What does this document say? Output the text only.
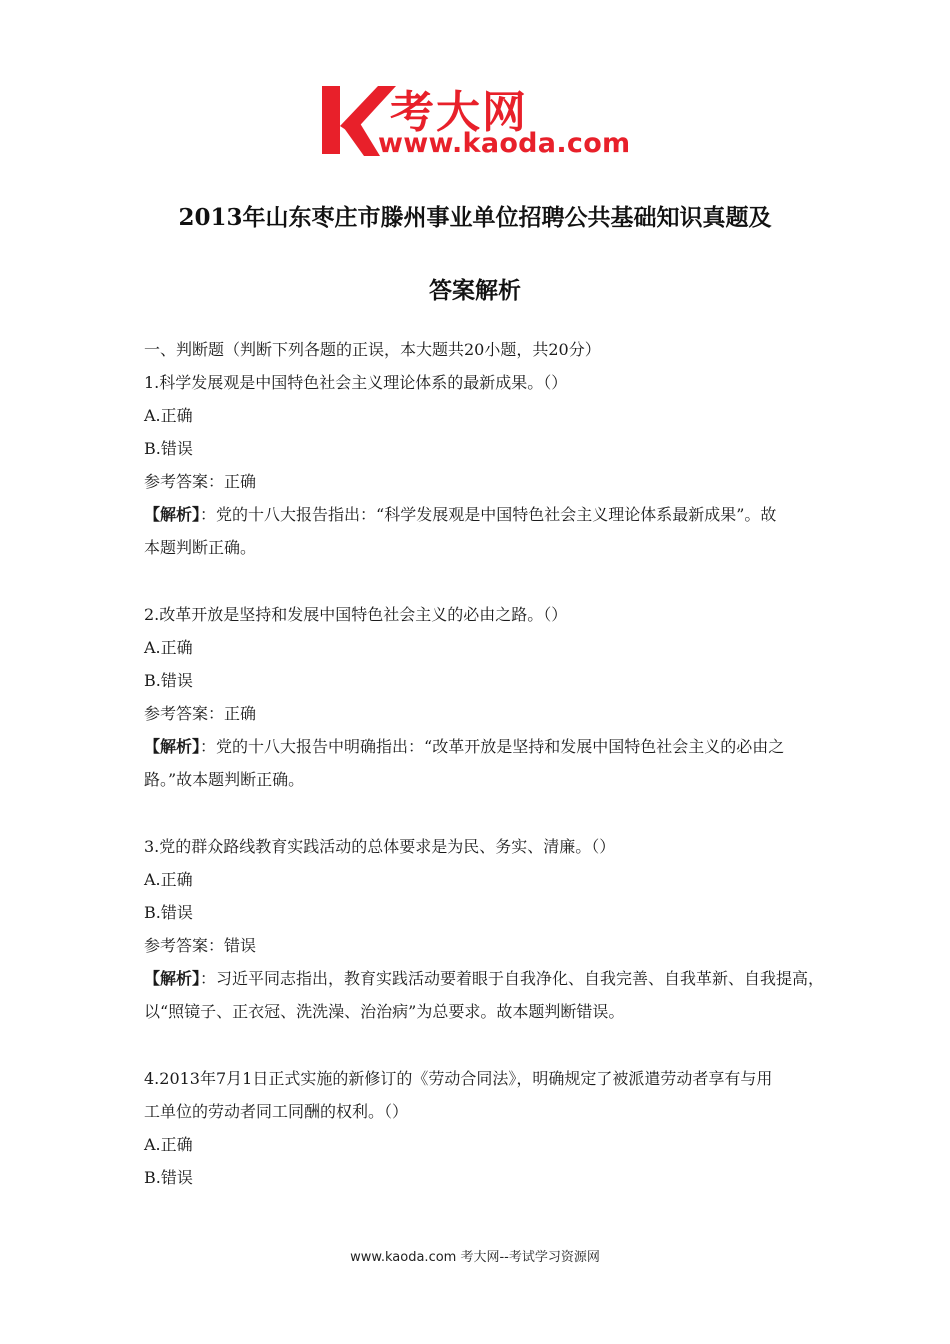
考大网
www.kaoda.com
2013年山东枣庄市滕州事业单位招聘公共基础知识真题及
答案解析
一、判断题（判断下列各题的正误，本大题共20小题，共20分）
1.科学发展观是中国特色社会主义理论体系的最新成果。（）
A.正确
B.错误
参考答案：正确
【解析】：党的十八大报告指出：“科学发展观是中国特色社会主义理论体系最新成果”。故
本题判断正确。
2.改革开放是坚持和发展中国特色社会主义的必由之路。（）
A.正确
B.错误
参考答案：正确
【解析】：党的十八大报告中明确指出：“改革开放是坚持和发展中国特色社会主义的必由之
路。”故本题判断正确。
3.党的群众路线教育实践活动的总体要求是为民、务实、清廉。（）
A.正确
B.错误
参考答案：错误
【解析】：习近平同志指出，教育实践活动要着眼于自我净化、自我完善、自我革新、自我提高，
以“照镜子、正衣冠、洗洗澡、治治病”为总要求。故本题判断错误。
4.2013年7月1日正式实施的新修订的《劳动合同法》，明确规定了被派遣劳动者享有与用
工单位的劳动者同工同酬的权利。（）
A.正确
B.错误
www.kaoda.com 考大网--考试学习资源网
